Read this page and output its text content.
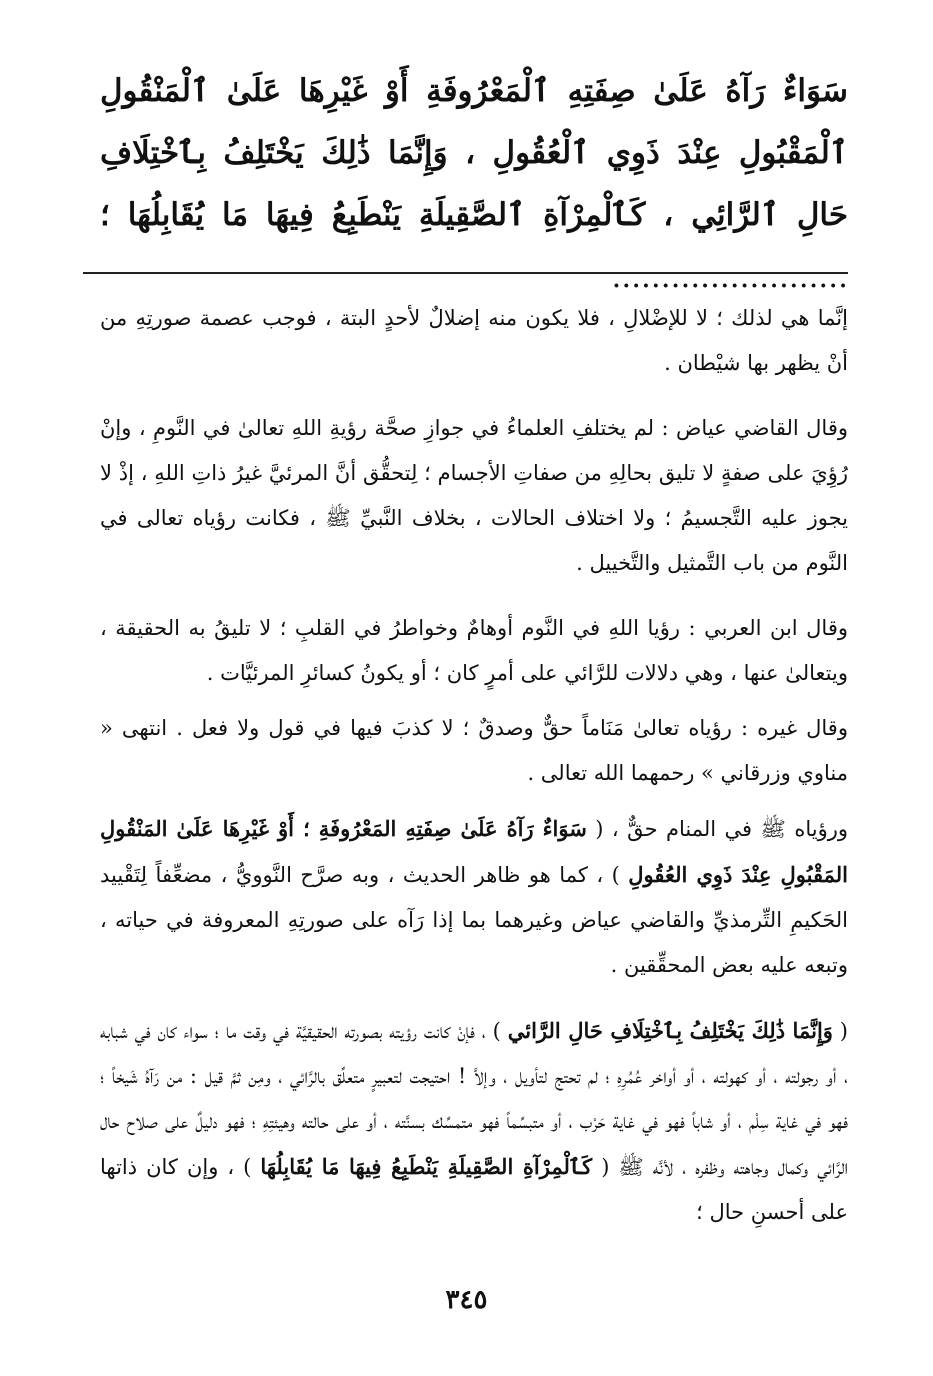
سَوَاءٌ رَآهُ عَلَىٰ صِفَتِهِ ٱلْمَعْرُوفَةِ أَوْ غَيْرِهَا عَلَىٰ ٱلْمَنْقُولِ ٱلْمَقْبُولِ عِنْدَ ذَوِي ٱلْعُقُولِ ، وَإِنَّمَا ذَٰلِكَ يَخْتَلِفُ بِٱخْتِلَافِ حَالِ ٱلرَّائِي ، كَٱلْمِرْآةِ ٱلصَّقِيلَةِ يَنْطَبِعُ فِيهَا مَا يُقَابِلُهَا ؛ ........................

إنَّما هي لذلك ؛ لا للإضْلالِ ، فلا يكون منه إضلالٌ لأحدٍ البتة ، فوجب عصمة صورتِهِ من أنْ يظهر بها شيْطان .

وقال القاضي عياض : لم يختلفِ العلماءُ في جوازِ صحَّة رؤيةِ اللهِ تعالىٰ في النَّومِ ، وإنْ رُؤِيَ على صفةٍ لا تليق بحالِهِ من صفاتِ الأجسام ؛ لِتحقُّق أنَّ المرئيَّ غيرُ ذاتِ اللهِ ، إذْ لا يجوز عليه التَّجسيمُ ؛ ولا اختلاف الحالات ، بخلاف النَّبيِّ ﷺ ، فكانت رؤياه تعالى في النَّوم من باب التَّمثيل والتَّخييل .

وقال ابن العربي : رؤيا اللهِ في النَّوم أوهامٌ وخواطرُ في القلبِ ؛ لا تليقُ به الحقيقة ، ويتعالىٰ عنها ، وهي دلالات للرَّائي على أمرٍ كان ؛ أو يكونُ كسائرِ المرئيَّات .

وقال غيره : رؤياه تعالىٰ مَنَاماً حقٌّ وصدقٌ ؛ لا كذبَ فيها في قول ولا فعل . انتهى « مناوي وزرقاني » رحمهما الله تعالى .

ورؤياه ﷺ في المنام حقٌّ ، ( سَوَاءٌ رَآهُ عَلَىٰ صِفَتِهِ المَعْرُوفَةِ ؛ أَوْ غَيْرِهَا عَلَىٰ المَنْقُولِ المَقْبُولِ عِنْدَ ذَوِي العُقُولِ ) ، كما هو ظاهر الحديث ، وبه صرَّح النَّوويُّ ، مضعِّفاً لِتَقْييد الحَكيمِ التِّرمذيِّ والقاضي عياض وغيرهما بما إذا رَآه على صورتِهِ المعروفة في حياته ، وتبعه عليه بعض المحقِّقين .

( وَإِنَّمَا ذَٰلِكَ يَخْتَلِفُ بِٱخْتِلَافِ حَالِ الرَّائي ) ، فإنْ كانت رؤيته بصورته الحقيقيَّة في وقت ما ؛ سواء كان في شبابه ، أو رجولته ، أو كهولته ، أو أواخر عُمُرِهِ ؛ لم تحتج لتأويل ، وإلاَّ ! احتيجت لتعبيرٍ متعلِّق بالرَّائي ، ومِن ثمَّ قيل : من رَآهُ شَيخاً ؛ فهو في غاية سِلْم ، أو شاباً فهو في غاية حَرْب ، أو متبسِّماً فهو متمسِّك بسنَّته ، أو على حالته وهيئتِهِ ؛ فهو دليلٌ على صلاح حال الرَّائي وكمال وجاهته وظفره ، لأنَّه ﷺ ( كَٱلْمِرْآةِ الصَّقِيلَةِ يَنْطَبِعُ فِيهَا مَا يُقَابِلُهَا ) ، وإن كان ذاتها على أحسنِ حال ؛

٣٤٥
